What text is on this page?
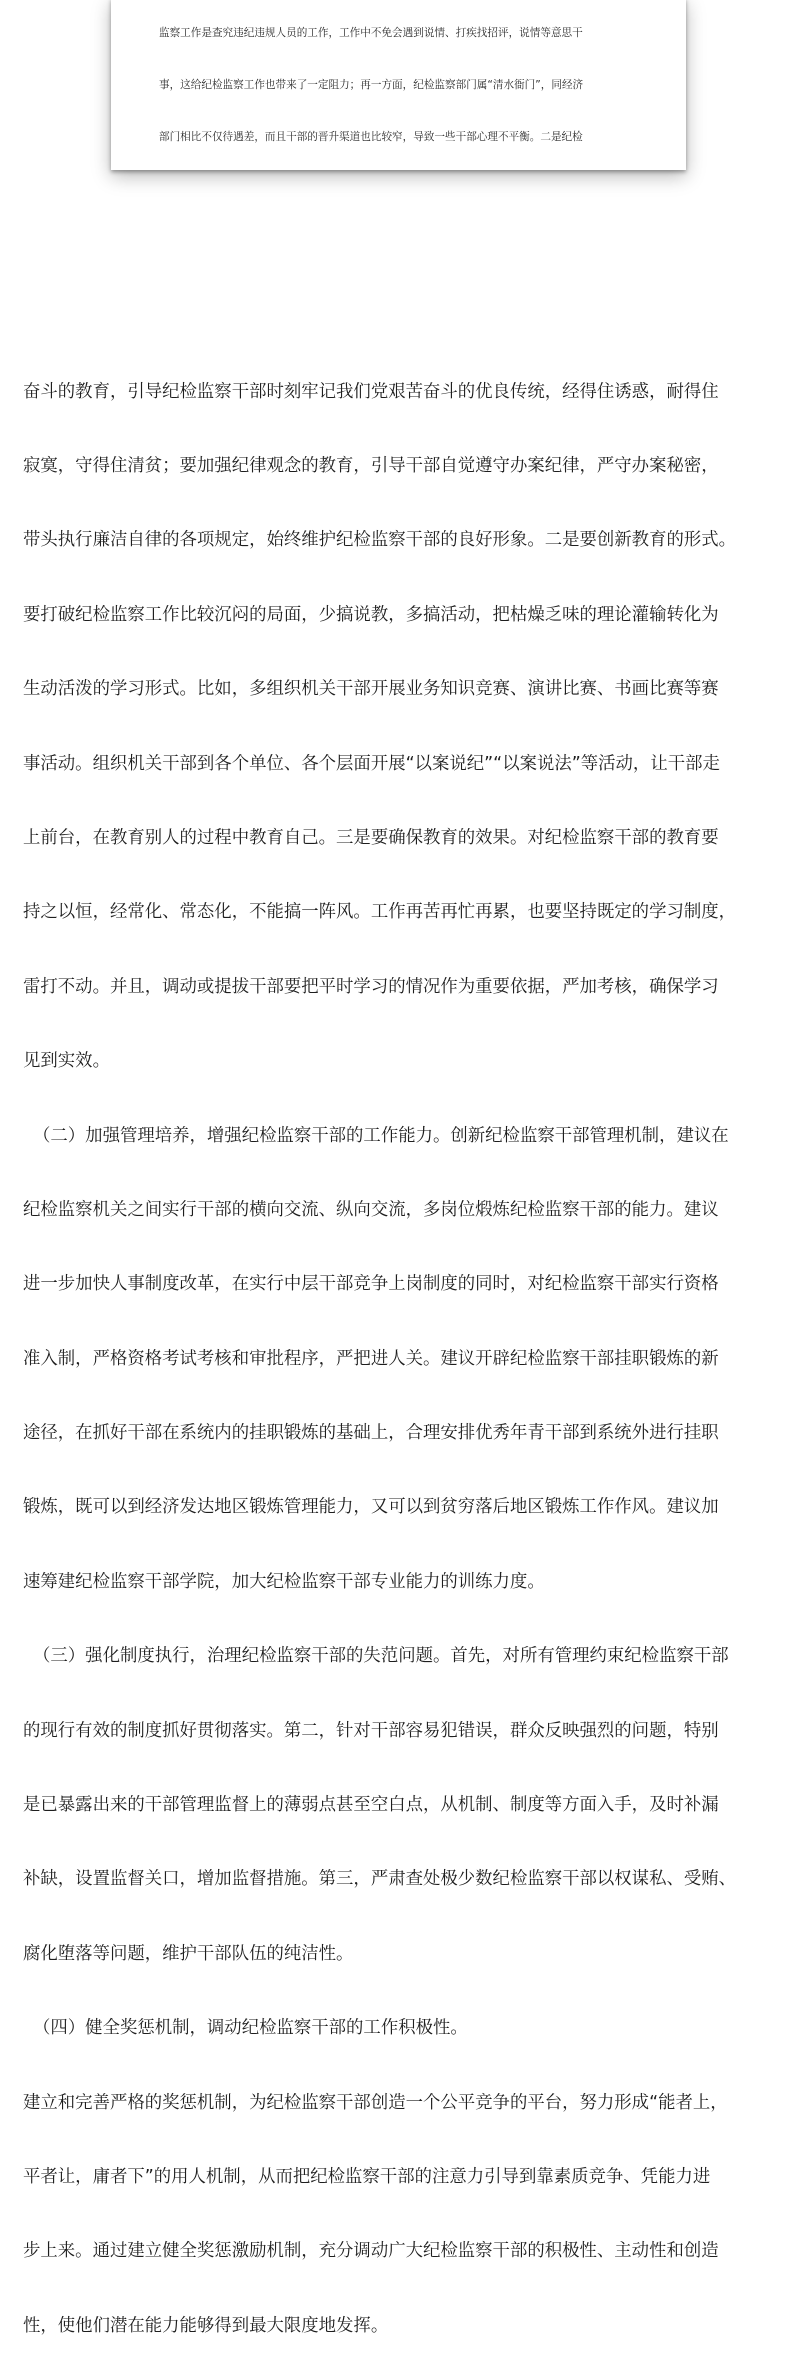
监察工作是查究违纪违规人员的工作，工作中不免会遇到说情、打疾找招评，说情等意思干

事，这给纪检监察工作也带来了一定阻力；再一方面，纪检监察部门属“清水衙门”，同经济

部门相比不仅待遇差，而且干部的晋升渠道也比较窄，导致一些干部心理不平衡。二是纪检

奋斗的教育，引导纪检监察干部时刻牢记我们党艰苦奋斗的优良传统，经得住诱惑，耐得住

寂寞，守得住清贫；要加强纪律观念的教育，引导干部自觉遵守办案纪律，严守办案秘密，

带头执行廉洁自律的各项规定，始终维护纪检监察干部的良好形象。二是要创新教育的形式。

要打破纪检监察工作比较沉闷的局面，少搞说教，多搞活动，把枯燥乏味的理论灌输转化为

生动活泼的学习形式。比如，多组织机关干部开展业务知识竞赛、演讲比赛、书画比赛等赛

事活动。组织机关干部到各个单位、各个层面开展“以案说纪”“以案说法”等活动，让干部走

上前台，在教育别人的过程中教育自己。三是要确保教育的效果。对纪检监察干部的教育要

持之以恒，经常化、常态化，不能搞一阵风。工作再苦再忙再累，也要坚持既定的学习制度，

雷打不动。并且，调动或提拔干部要把平时学习的情况作为重要依据，严加考核，确保学习

见到实效。

（二）加强管理培养，增强纪检监察干部的工作能力。创新纪检监察干部管理机制，建议在

纪检监察机关之间实行干部的横向交流、纵向交流，多岗位煅炼纪检监察干部的能力。建议

进一步加快人事制度改革，在实行中层干部竞争上岗制度的同时，对纪检监察干部实行资格

准入制，严格资格考试考核和审批程序，严把进人关。建议开辟纪检监察干部挂职锻炼的新

途径，在抓好干部在系统内的挂职锻炼的基础上，合理安排优秀年青干部到系统外进行挂职

锻炼，既可以到经济发达地区锻炼管理能力，又可以到贫穷落后地区锻炼工作作风。建议加

速筹建纪检监察干部学院，加大纪检监察干部专业能力的训练力度。

（三）强化制度执行，治理纪检监察干部的失范问题。首先，对所有管理约束纪检监察干部

的现行有效的制度抓好贯彻落实。第二，针对干部容易犯错误，群众反映强烈的问题，特别

是已暴露出来的干部管理监督上的薄弱点甚至空白点，从机制、制度等方面入手，及时补漏

补缺，设置监督关口，增加监督措施。第三，严肃查处极少数纪检监察干部以权谋私、受贿、

腐化堕落等问题，维护干部队伍的纯洁性。

（四）健全奖惩机制，调动纪检监察干部的工作积极性。

建立和完善严格的奖惩机制，为纪检监察干部创造一个公平竞争的平台，努力形成“能者上，

平者让，庸者下”的用人机制，从而把纪检监察干部的注意力引导到靠素质竞争、凭能力进

步上来。通过建立健全奖惩激励机制，充分调动广大纪检监察干部的积极性、主动性和创造

性，使他们潜在能力能够得到最大限度地发挥。
